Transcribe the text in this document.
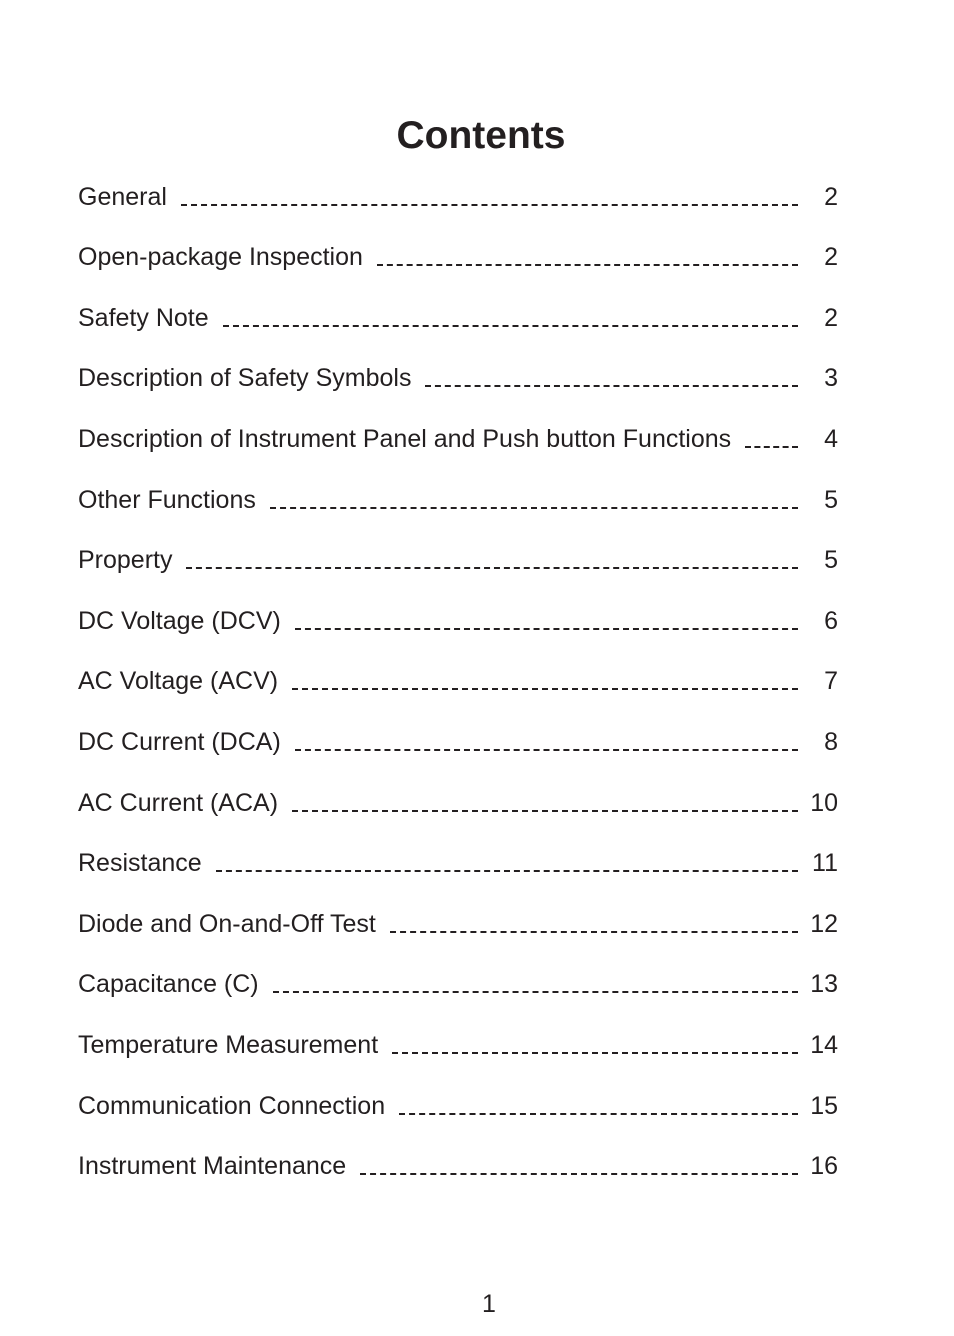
Contents
General	2
Open-package Inspection	2
Safety Note	2
Description of Safety Symbols	3
Description of Instrument Panel and Push button Functions	4
Other Functions	5
Property	5
DC Voltage (DCV)	6
AC Voltage (ACV)	7
DC Current (DCA)	8
AC Current (ACA)	10
Resistance	11
Diode and On-and-Off Test	12
Capacitance (C)	13
Temperature Measurement	14
Communication Connection	15
Instrument Maintenance	16
1
